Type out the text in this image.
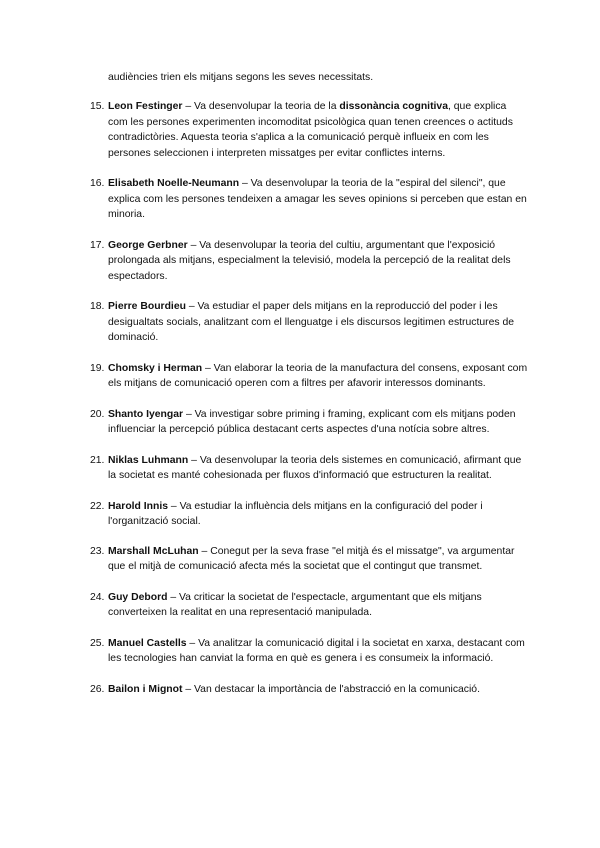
audiències trien els mitjans segons les seves necessitats.
15. Leon Festinger – Va desenvolupar la teoria de la dissonància cognitiva, que explica com les persones experimenten incomoditat psicològica quan tenen creences o actituds contradictòries. Aquesta teoria s'aplica a la comunicació perquè influeix en com les persones seleccionen i interpreten missatges per evitar conflictes interns.
16. Elisabeth Noelle-Neumann – Va desenvolupar la teoria de la "espiral del silenci", que explica com les persones tendeixen a amagar les seves opinions si perceben que estan en minoria.
17. George Gerbner – Va desenvolupar la teoria del cultiu, argumentant que l'exposició prolongada als mitjans, especialment la televisió, modela la percepció de la realitat dels espectadors.
18. Pierre Bourdieu – Va estudiar el paper dels mitjans en la reproducció del poder i les desigualtats socials, analitzant com el llenguatge i els discursos legitimen estructures de dominació.
19. Chomsky i Herman – Van elaborar la teoria de la manufactura del consens, exposant com els mitjans de comunicació operen com a filtres per afavorir interessos dominants.
20. Shanto Iyengar – Va investigar sobre priming i framing, explicant com els mitjans poden influenciar la percepció pública destacant certs aspectes d'una notícia sobre altres.
21. Niklas Luhmann – Va desenvolupar la teoria dels sistemes en comunicació, afirmant que la societat es manté cohesionada per fluxos d'informació que estructuren la realitat.
22. Harold Innis – Va estudiar la influència dels mitjans en la configuració del poder i l'organització social.
23. Marshall McLuhan – Conegut per la seva frase "el mitjà és el missatge", va argumentar que el mitjà de comunicació afecta més la societat que el contingut que transmet.
24. Guy Debord – Va criticar la societat de l'espectacle, argumentant que els mitjans converteixen la realitat en una representació manipulada.
25. Manuel Castells – Va analitzar la comunicació digital i la societat en xarxa, destacant com les tecnologies han canviat la forma en què es genera i es consumeix la informació.
26. Bailon i Mignot – Van destacar la importància de l'abstracció en la comunicació.
